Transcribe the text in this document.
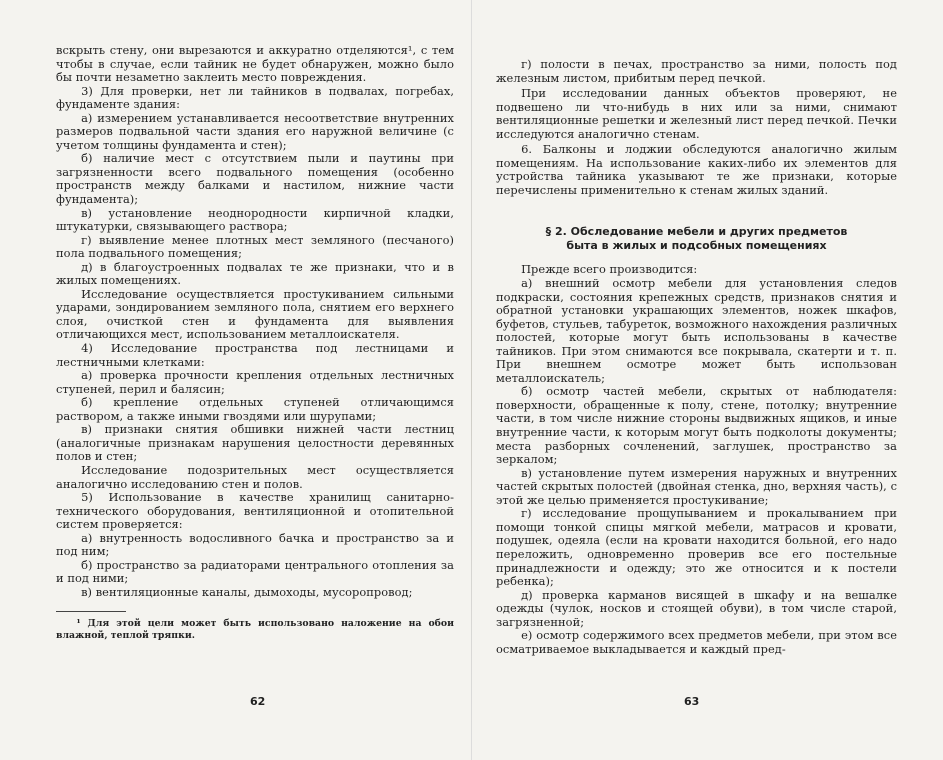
вскрыть стену, они вырезаются и аккуратно отделяются¹, с тем чтобы в случае, если тайник не будет обнаружен, можно было бы почти незаметно заклеить место повреждения.

3) Для проверки, нет ли тайников в подвалах, погребах, фундаменте здания:

а) измерением устанавливается несоответствие внутренних размеров подвальной части здания его наружной величине (с учетом толщины фундамента и стен);

б) наличие мест с отсутствием пыли и паутины при загрязненности всего подвального помещения (особенно пространств между балками и настилом, нижние части фундамента);

в) установление неоднородности кирпичной кладки, штукатурки, связывающего раствора;

г) выявление менее плотных мест земляного (песчаного) пола подвального помещения;

д) в благоустроенных подвалах те же признаки, что и в жилых помещениях.

Исследование осуществляется простукиванием сильными ударами, зондированием земляного пола, снятием его верхнего слоя, очисткой стен и фундамента для выявления отличающихся мест, использованием металлоискателя.

4) Исследование пространства под лестницами и лестничными клетками:

а) проверка прочности крепления отдельных лестничных ступеней, перил и балясин;

б) крепление отдельных ступеней отличающимся раствором, а также иными гвоздями или шурупами;

в) признаки снятия обшивки нижней части лестниц (аналогичные признакам нарушения целостности деревянных полов и стен;

Исследование подозрительных мест осуществляется аналогично исследованию стен и полов.

5) Использование в качестве хранилищ санитарно-технического оборудования, вентиляционной и отопительной систем проверяется:

а) внутренность водосливного бачка и пространство за и под ним;

б) пространство за радиаторами центрального отопления за и под ними;

в) вентиляционные каналы, дымоходы, мусоропровод;

¹ Для этой цели может быть использовано наложение на обои влажной, теплой тряпки.

62

г) полости в печах, пространство за ними, полость под железным листом, прибитым перед печкой.

При исследовании данных объектов проверяют, не подвешено ли что-нибудь в них или за ними, снимают вентиляционные решетки и железный лист перед печкой. Печки исследуются аналогично стенам.

6. Балконы и лоджии обследуются аналогично жилым помещениям. На использование каких-либо их элементов для устройства тайника указывают те же признаки, которые перечислены применительно к стенам жилых зданий.

§ 2. Обследование мебели и других предметов
быта в жилых и подсобных помещениях

Прежде всего производится:

а) внешний осмотр мебели для установления следов подкраски, состояния крепежных средств, признаков снятия и обратной установки украшающих элементов, ножек шкафов, буфетов, стульев, табуреток, возможного нахождения различных полостей, которые могут быть использованы в качестве тайников. При этом снимаются все покрывала, скатерти и т. п. При внешнем осмотре может быть использован металлоискатель;

б) осмотр частей мебели, скрытых от наблюдателя: поверхности, обращенные к полу, стене, потолку; внутренние части, в том числе нижние стороны выдвижных ящиков, и иные внутренние части, к которым могут быть подколоты документы; места разборных сочленений, заглушек, пространство за зеркалом;

в) установление путем измерения наружных и внутренних частей скрытых полостей (двойная стенка, дно, верхняя часть), с этой же целью применяется простукивание;

г) исследование прощупыванием и прокалыванием при помощи тонкой спицы мягкой мебели, матрасов и кровати, подушек, одеяла (если на кровати находится больной, его надо переложить, одновременно проверив все его постельные принадлежности и одежду; это же относится и к постели ребенка);

д) проверка карманов висящей в шкафу и на вешалке одежды (чулок, носков и стоящей обуви), в том числе старой, загрязненной;

е) осмотр содержимого всех предметов мебели, при этом все осматриваемое выкладывается и каждый пред-

63
